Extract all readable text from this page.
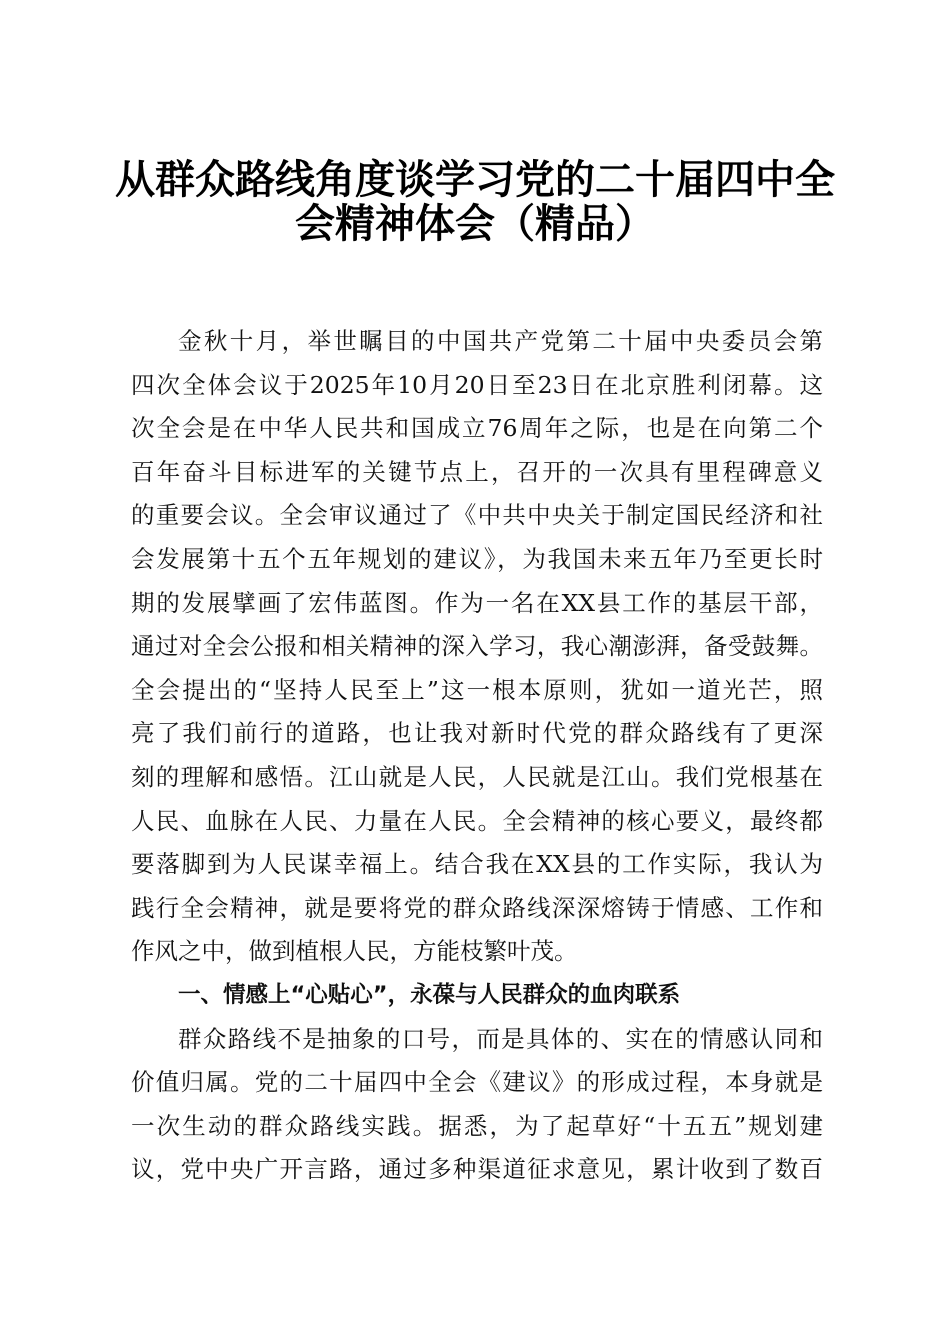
从群众路线角度谈学习党的二十届四中全
会精神体会（精品）
金秋十月，举世瞩目的中国共产党第二十届中央委员会第
四次全体会议于2025年10月20日至23日在北京胜利闭幕。这
次全会是在中华人民共和国成立76周年之际，也是在向第二个
百年奋斗目标进军的关键节点上，召开的一次具有里程碑意义
的重要会议。全会审议通过了《中共中央关于制定国民经济和社
会发展第十五个五年规划的建议》，为我国未来五年乃至更长时
期的发展擘画了宏伟蓝图。作为一名在XX县工作的基层干部，
通过对全会公报和相关精神的深入学习，我心潮澎湃，备受鼓舞。
全会提出的“坚持人民至上”这一根本原则，犹如一道光芒，照
亮了我们前行的道路，也让我对新时代党的群众路线有了更深
刻的理解和感悟。江山就是人民，人民就是江山。我们党根基在
人民、血脉在人民、力量在人民。全会精神的核心要义，最终都
要落脚到为人民谋幸福上。结合我在XX县的工作实际，我认为
践行全会精神，就是要将党的群众路线深深熔铸于情感、工作和
作风之中，做到植根人民，方能枝繁叶茂。
一、情感上“心贴心”，永葆与人民群众的血肉联系
群众路线不是抽象的口号，而是具体的、实在的情感认同和
价值归属。党的二十届四中全会《建议》的形成过程，本身就是
一次生动的群众路线实践。据悉，为了起草好“十五五”规划建
议，党中央广开言路，通过多种渠道征求意见，累计收到了数百
